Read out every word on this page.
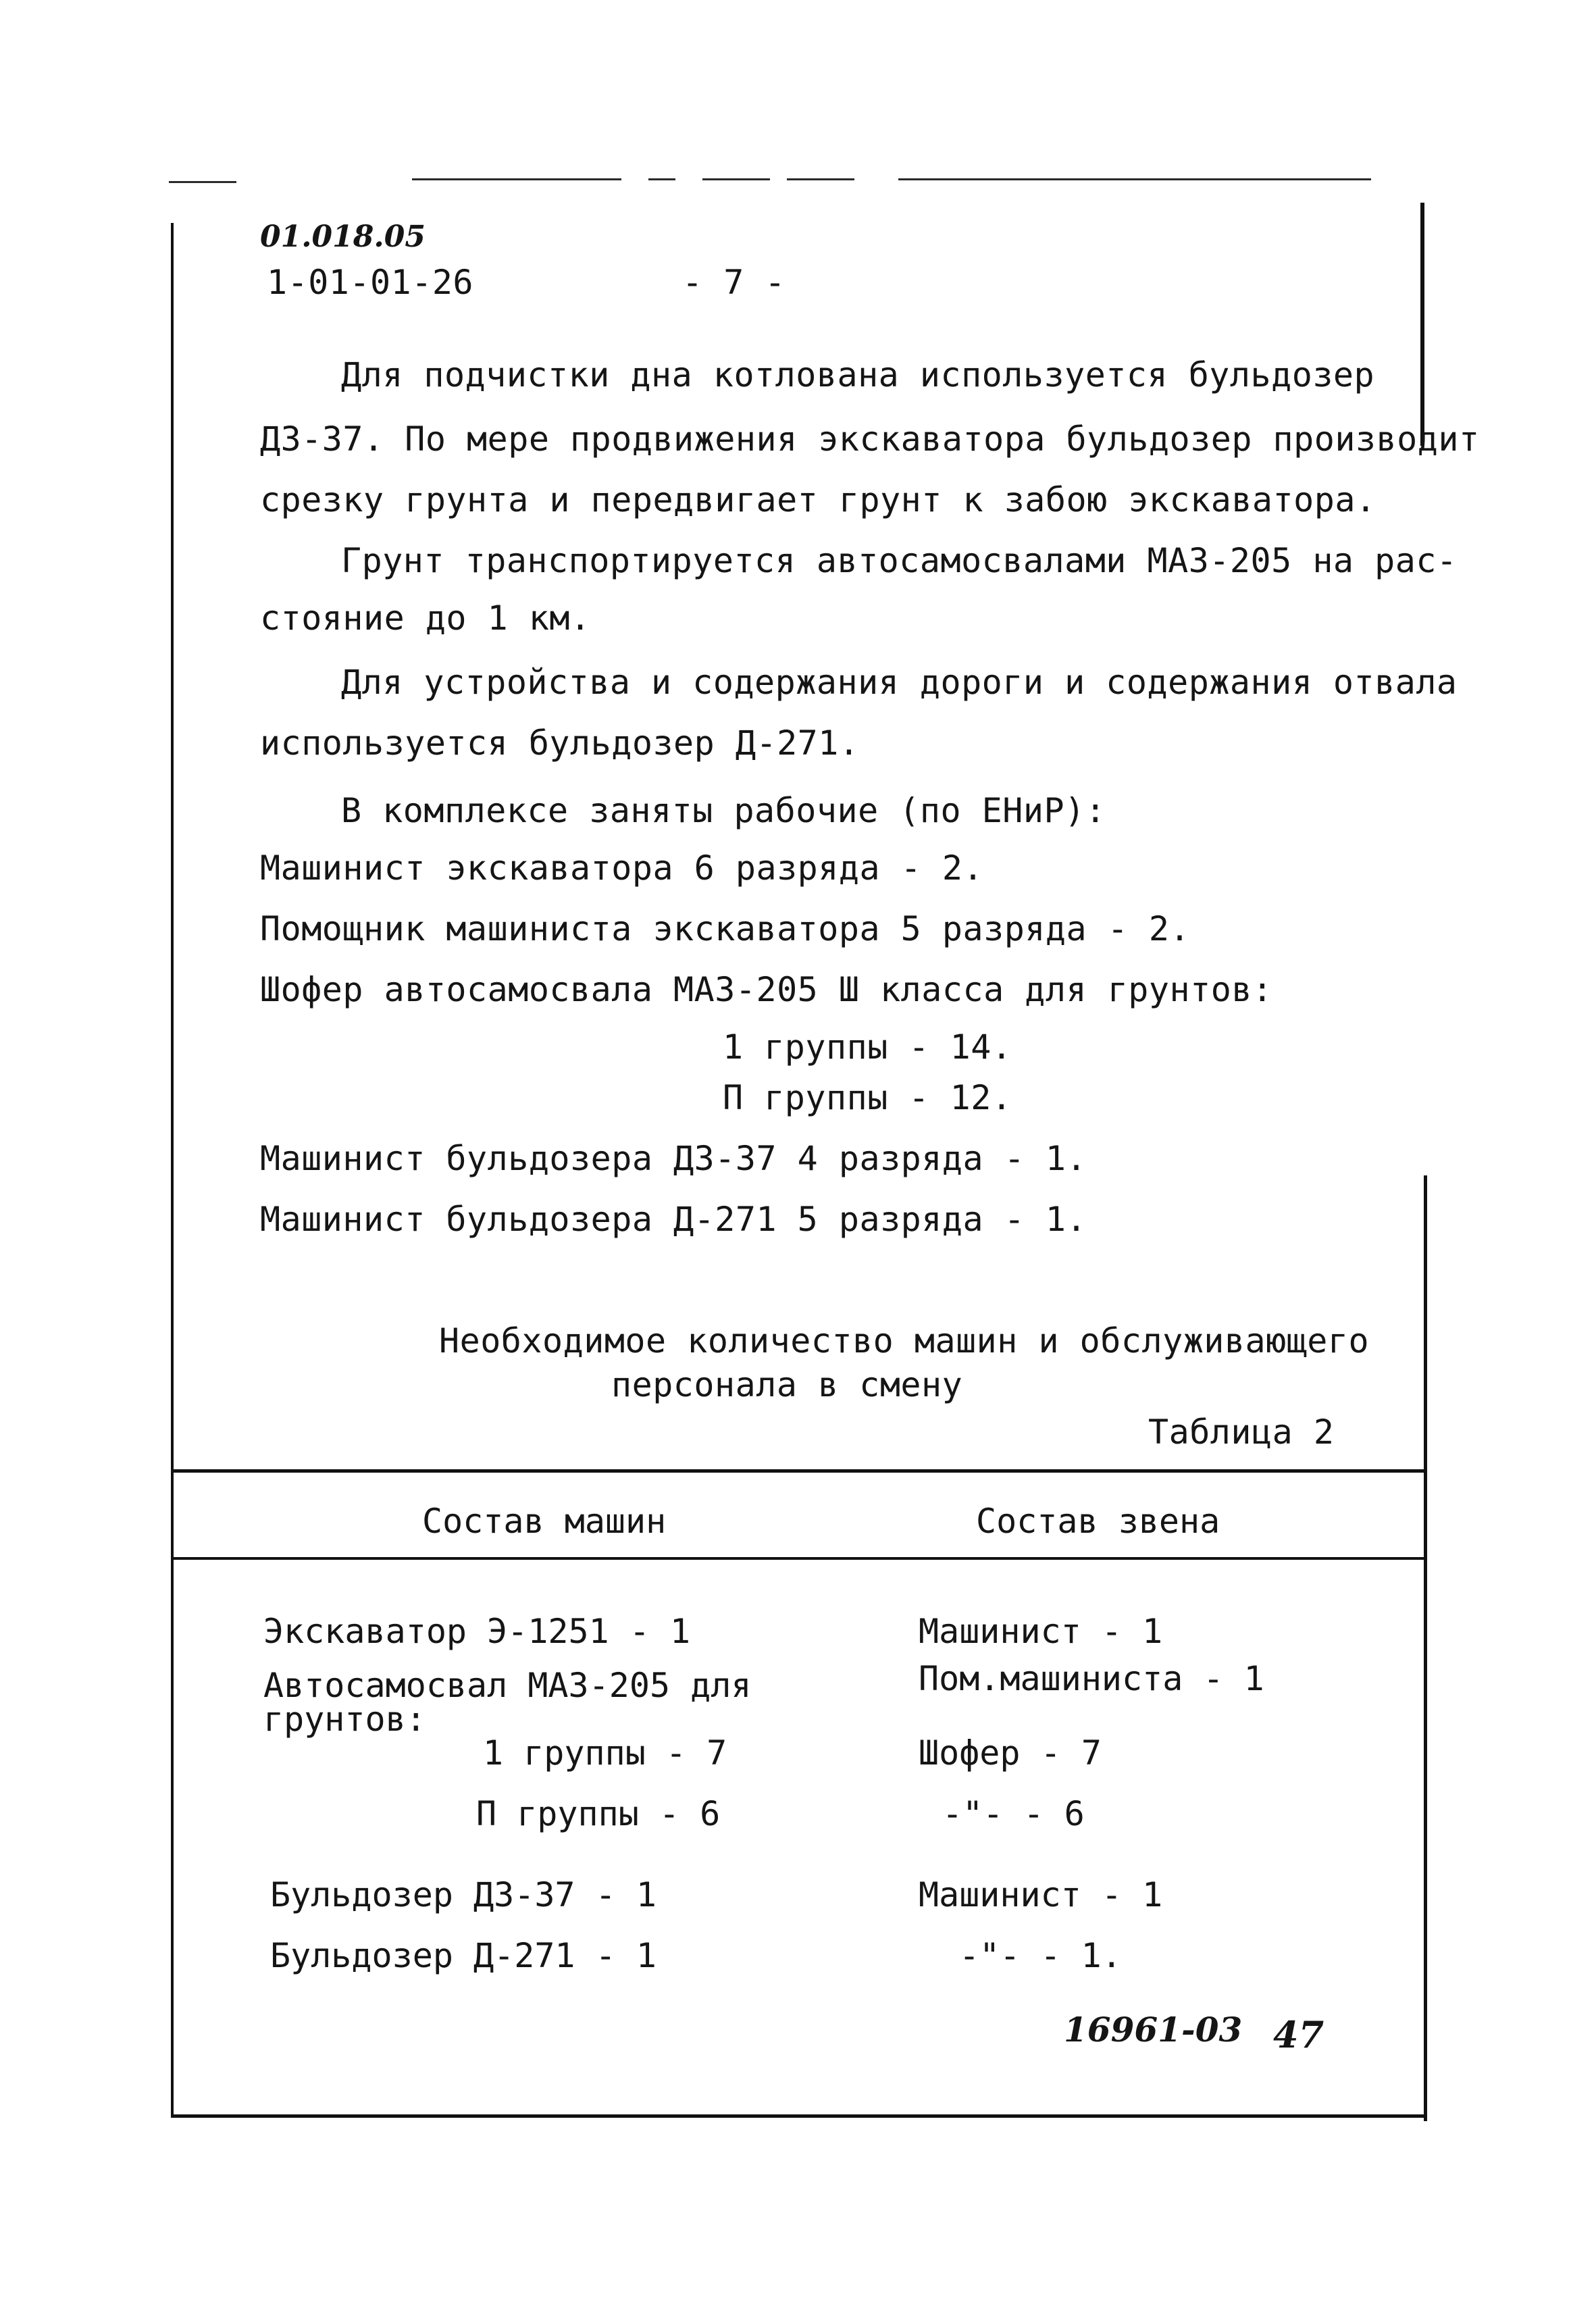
01.018.05
1-01-01-26	- 7 -
Для подчистки дна котлована используется бульдозер
ДЗ-37. По мере продвижения экскаватора бульдозер производит
срезку грунта и передвигает грунт к забою экскаватора.
Грунт транспортируется автосамосвалами МАЗ-205 на рас-
стояние до 1 км.
Для устройства и содержания дороги и содержания отвала
используется бульдозер Д-271.
В комплексе заняты рабочие (по ЕНиР):
Машинист экскаватора 6 разряда - 2.
Помощник машиниста экскаватора 5 разряда - 2.
Шофер автосамосвала МАЗ-205 Ш класса для грунтов:
1 группы - 14.
П группы - 12.
Машинист бульдозера ДЗ-37 4 разряда - 1.
Машинист бульдозера Д-271 5 разряда - 1.
Необходимое количество машин и обслуживающего
персонала в смену
Таблица 2
Состав машин	Состав звена
Экскаватор Э-1251 - 1
Автосамосвал МАЗ-205 для
грунтов:
1 группы - 7
П группы - 6
Бульдозер ДЗ-37 - 1
Бульдозер Д-271 - 1
Машинист - 1
Пом.машиниста - 1
Шофер - 7
-"- - 6
Машинист - 1
-"- - 1.
16961-03 47
